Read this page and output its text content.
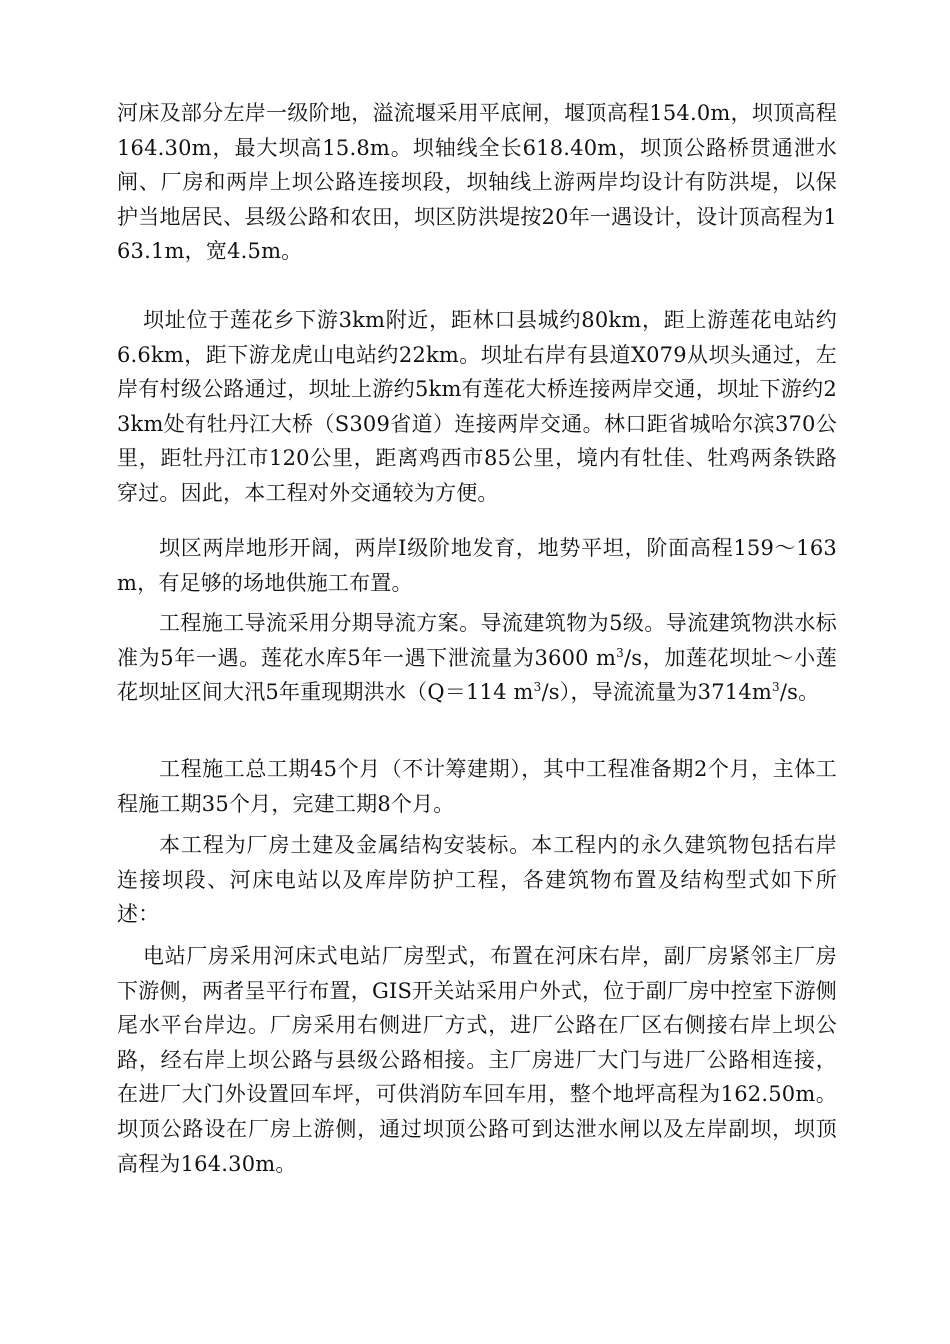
河床及部分左岸一级阶地，溢流堰采用平底闸，堰顶高程154.0m，坝顶高程164.30m，最大坝高15.8m。坝轴线全长618.40m，坝顶公路桥贯通泄水闸、厂房和两岸上坝公路连接坝段，坝轴线上游两岸均设计有防洪堤，以保护当地居民、县级公路和农田，坝区防洪堤按20年一遇设计，设计顶高程为163.1m，宽4.5m。

坝址位于莲花乡下游3km附近，距林口县城约80km，距上游莲花电站约6.6km，距下游龙虎山电站约22km。坝址右岸有县道X079从坝头通过，左岸有村级公路通过，坝址上游约5km有莲花大桥连接两岸交通，坝址下游约23km处有牡丹江大桥（S309省道）连接两岸交通。林口距省城哈尔滨370公里，距牡丹江市120公里，距离鸡西市85公里，境内有牡佳、牡鸡两条铁路穿过。因此，本工程对外交通较为方便。

坝区两岸地形开阔，两岸Ⅰ级阶地发育，地势平坦，阶面高程159～163m，有足够的场地供施工布置。

工程施工导流采用分期导流方案。导流建筑物为5级。导流建筑物洪水标准为5年一遇。莲花水库5年一遇下泄流量为3600 $m^3/s$，加莲花坝址～小莲花坝址区间大汛5年重现期洪水（Q＝114 $m^3/s$），导流流量为$3714m^3/s$。

工程施工总工期45个月（不计筹建期），其中工程准备期2个月，主体工程施工期35个月，完建工期8个月。

本工程为厂房土建及金属结构安装标。本工程内的永久建筑物包括右岸连接坝段、河床电站以及库岸防护工程，各建筑物布置及结构型式如下所述：

电站厂房采用河床式电站厂房型式，布置在河床右岸，副厂房紧邻主厂房下游侧，两者呈平行布置，GIS开关站采用户外式，位于副厂房中控室下游侧尾水平台岸边。厂房采用右侧进厂方式，进厂公路在厂区右侧接右岸上坝公路，经右岸上坝公路与县级公路相接。主厂房进厂大门与进厂公路相连接，在进厂大门外设置回车坪，可供消防车回车用，整个地坪高程为162.50m。坝顶公路设在厂房上游侧，通过坝顶公路可到达泄水闸以及左岸副坝，坝顶高程为164.30m。
